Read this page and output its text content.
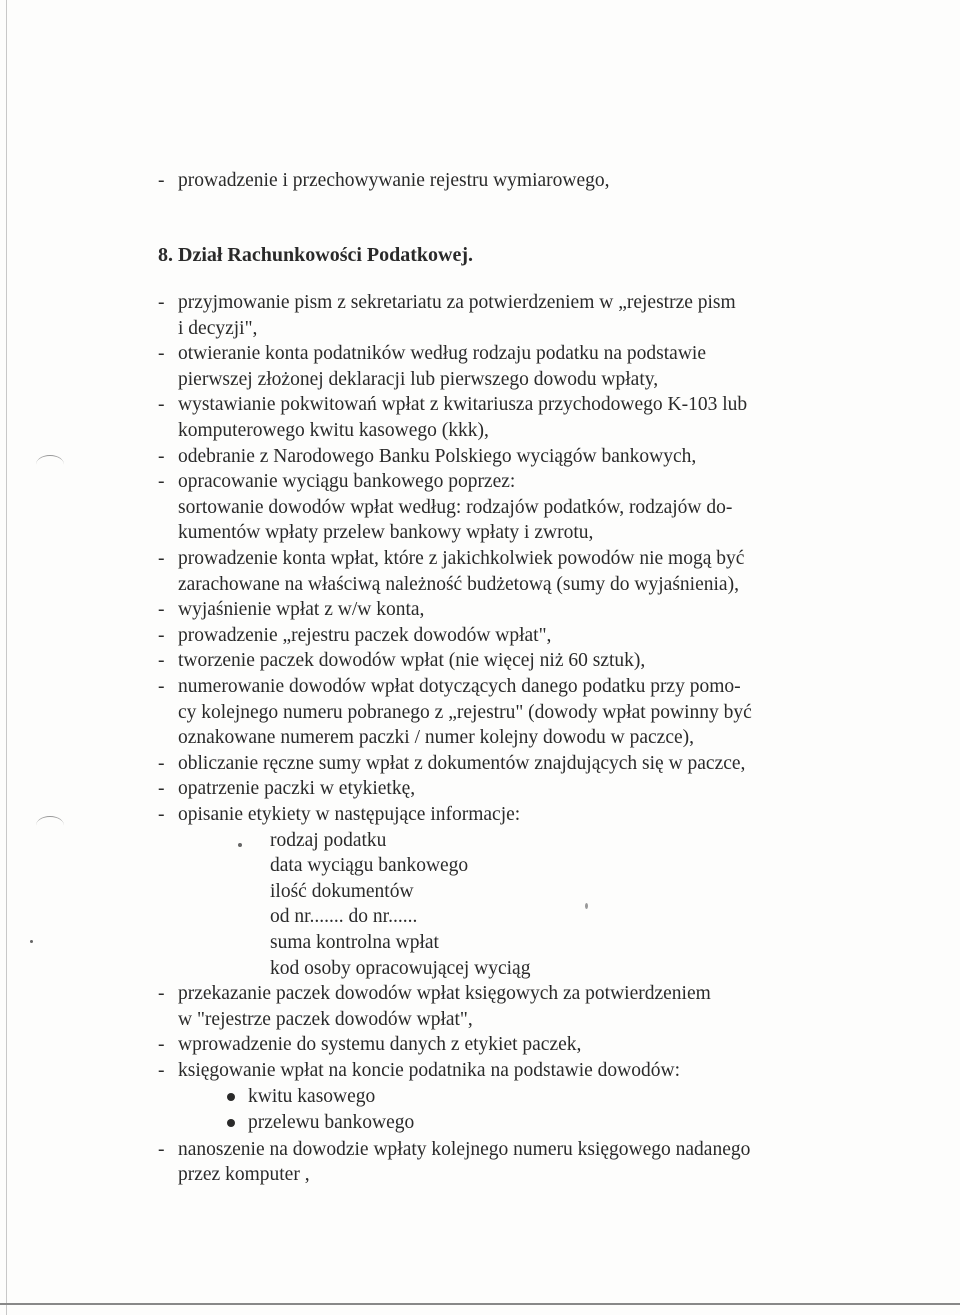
- prowadzenie i przechowywanie rejestru wymiarowego,
8. Dział Rachunkowości Podatkowej.
- przyjmowanie pism z sekretariatu za potwierdzeniem w „rejestrze pism
i decyzji",
- otwieranie konta podatników według rodzaju podatku na podstawie
pierwszej złożonej deklaracji lub pierwszego dowodu wpłaty,
- wystawianie pokwitowań wpłat z kwitariusza przychodowego K-103 lub
komputerowego kwitu kasowego (kkk),
- odebranie z Narodowego Banku Polskiego wyciągów bankowych,
- opracowanie wyciągu bankowego poprzez:
sortowanie dowodów wpłat według: rodzajów podatków, rodzajów do-
kumentów wpłaty przelew bankowy wpłaty i zwrotu,
- prowadzenie konta wpłat, które z jakichkolwiek powodów nie mogą być
zarachowane na właściwą należność budżetową (sumy do wyjaśnienia),
- wyjaśnienie wpłat z w/w konta,
- prowadzenie „rejestru paczek dowodów wpłat",
- tworzenie paczek dowodów wpłat (nie więcej niż 60 sztuk),
- numerowanie dowodów wpłat dotyczących danego podatku przy pomo-
cy kolejnego numeru pobranego z „rejestru" (dowody wpłat powinny być
oznakowane numerem paczki / numer kolejny dowodu w paczce),
- obliczanie ręczne sumy wpłat z dokumentów znajdujących się w paczce,
- opatrzenie paczki w etykietkę,
- opisanie etykiety w następujące informacje:
rodzaj podatku
data wyciągu bankowego
ilość dokumentów
od nr....... do nr......
suma kontrolna wpłat
kod osoby opracowującej wyciąg
- przekazanie paczek dowodów wpłat księgowych za potwierdzeniem
w "rejestrze paczek dowodów wpłat",
- wprowadzenie do systemu danych z etykiet paczek,
- księgowanie wpłat na koncie podatnika na podstawie dowodów:
kwitu kasowego
przelewu bankowego
- nanoszenie na dowodzie wpłaty kolejnego numeru księgowego nadanego
przez komputer ,
